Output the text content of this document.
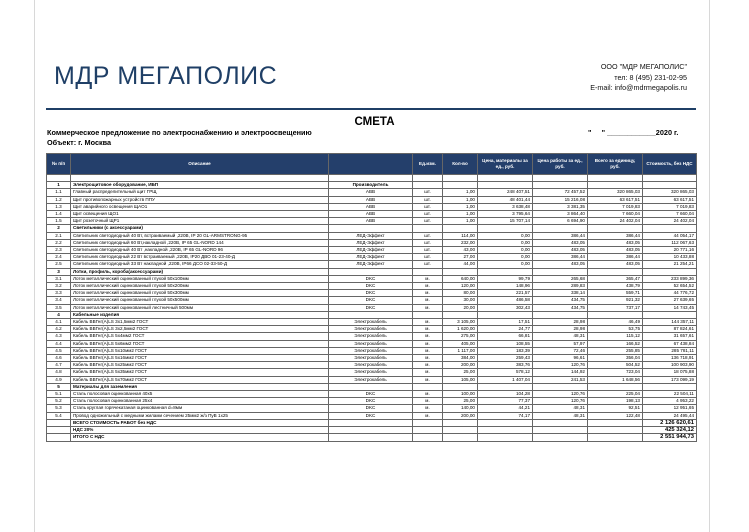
МДР МЕГАПОЛИС	ООО "МДР МЕГАПОЛИС"
тел: 8 (495) 231-02-95
E-mail: info@mdrmegapolis.ru
СМЕТА
Коммерческое предложение по электроснабжению и электроосвещению
Объект: г. Москва
"     " ____________2020 г.
№ п/п	Описание		Ед.изм.	Кол-во	Цена, материалы за ед., руб.	Цена работы за ед., руб.	Всего за единицу, руб.	Стоимость, без НДС

1	Электрощитовое оборудование, ИБП	Производитель						
1.1	Главный распределительный щит ГРЩ	ABB	шт.	1,00	248 407,51	72 457,52	320 865,03	320 865,03
1.2	Щит противопожарных устройств ППУ	ABB	шт.	1,00	48 401,44	15 216,08	63 617,51	63 617,51
1.3	Щит аварийного освещения ЩАО1	ABB	шт.	1,00	3 638,48	3 381,35	7 019,83	7 019,83
1.4	Щит освещения ЩО1	ABB	шт.	1,00	3 795,64	3 864,40	7 660,04	7 660,04
1.5	Щит розеточный ЩР1	ABB	шт.	1,00	15 707,14	6 694,90	24 402,04	24 402,04
2	Светильники (с аксессуарами)							
2.1	Светильник светодиодный 40 Вт, встраиваемый ,220В, IP 20 GL-ARMSTRONG-95	ЛЕД-Эффект	шт.	114,00	0,00	386,44	386,44	44 054,17
2.2	Светильник светодиодный 60 Вт,накладной ,220В, IP 65 GL-NORD 144	ЛЕД-Эффект	шт.	232,00	0,00	483,05	483,05	112 067,63
2.3	Светильник светодиодный 40 Вт ,накладной ,220В, IP 65 GL-NORD 96	ЛЕД-Эффект	шт.	43,00	0,00	483,05	483,05	20 771,16
2.4	Светильник светодиодный 22 Вт встраиваемый ,220В, IP20 ДВО 01-23-40-Д	ЛЕД-Эффект	шт.	27,00	0,00	386,44	386,44	10 433,88
2.5	Светильник светодиодный 33 Вт накладной ,220В, IP66 ДСО 02-33-50-Д	ЛЕД-Эффект	шт.	44,00	0,00	483,05	483,05	21 254,21
3	Лотки, профиль, короба(аксессуарами)							
3.1	Лоток металлический оцинкованный глухой 50х100мм	DKC	м.	640,00	99,79	265,68	365,47	233 899,36
3.2	Лоток металлический оцинкованный глухой 50х200мм	DKC	м.	120,00	148,96	289,83	438,79	52 654,52
3.3	Лоток металлический оцинкованный глухой 50х300мм	DKC	м.	80,00	221,57	338,14	559,71	44 776,72
3.4	Лоток металлический оцинкованный глухой 50х500мм	DKC	м.	30,00	486,58	434,75	921,32	27 639,65
3.5	Лоток металлический оцинкованный лестничный 500мм	DKC	м.	20,00	302,43	434,75	737,17	14 743,45
4	Кабельные изделия							
4.1	Кабель ВВГнг(А)LS 3х1,5мм2 ГОСТ	Электрокабель	м.	3 105,00	17,51	28,98	46,49	144 357,11
4.2	Кабель ВВГнг(А)LS 3х2,5мм2 ГОСТ	Электрокабель	м.	1 620,00	24,77	28,98	53,75	87 824,61
4.3	Кабель ВВГнг(А)LS 5х4мм2 ГОСТ	Электрокабель	м.	275,00	66,81	48,31	115,12	31 657,61
4.4	Кабель ВВГнг(А)LS 5х6мм2 ГОСТ	Электрокабель	м.	405,00	108,55	57,97	166,52	67 438,84
4.5	Кабель ВВГнг(А)LS 5х10мм2 ГОСТ	Электрокабель	м.	1 117,00	183,39	72,46	255,85	285 781,11
4.6	Кабель ВВГнг(А)LS 5х16мм2 ГОСТ	Электрокабель	м.	384,00	259,43	96,61	356,04	136 718,91
4.7	Кабель ВВГнг(А)LS 5х25мм2 ГОСТ	Электрокабель	м.	200,00	383,76	120,76	504,52	100 903,90
4.8	Кабель ВВГнг(А)LS 5х35мм2 ГОСТ	Электрокабель	м.	25,00	578,12	144,92	723,04	18 075,88
4.9	Кабель ВВГнг(А)LS 5х70мм2 ГОСТ	Электрокабель	м.	105,00	1 407,04	241,53	1 648,56	173 099,19
5	Материалы для заземления							
5.1	Сталь полосовая оцинкованная 40х5	DKC	м.	100,00	104,28	120,76	225,04	22 504,11
5.2	Сталь полосовая оцинкованная 25х4	DKC	м.	25,00	77,37	120,76	198,13	4 953,22
5.3	Сталь круглая горячекатаная оцинкованная d=8мм	DKC	м.	140,00	44,21	48,31	92,51	12 951,65
5.4	Провод одножильный с медными жилами сечением 25мм2 ж/з ПуВ 1х25	DKC	м.	200,00	74,17	48,31	122,48	24 495,44
	ВСЕГО СТОИМОСТЬ РАБОТ без НДС							2 126 620,61
	НДС 20%							425 324,12
	ИТОГО С НДС							2 551 944,73
